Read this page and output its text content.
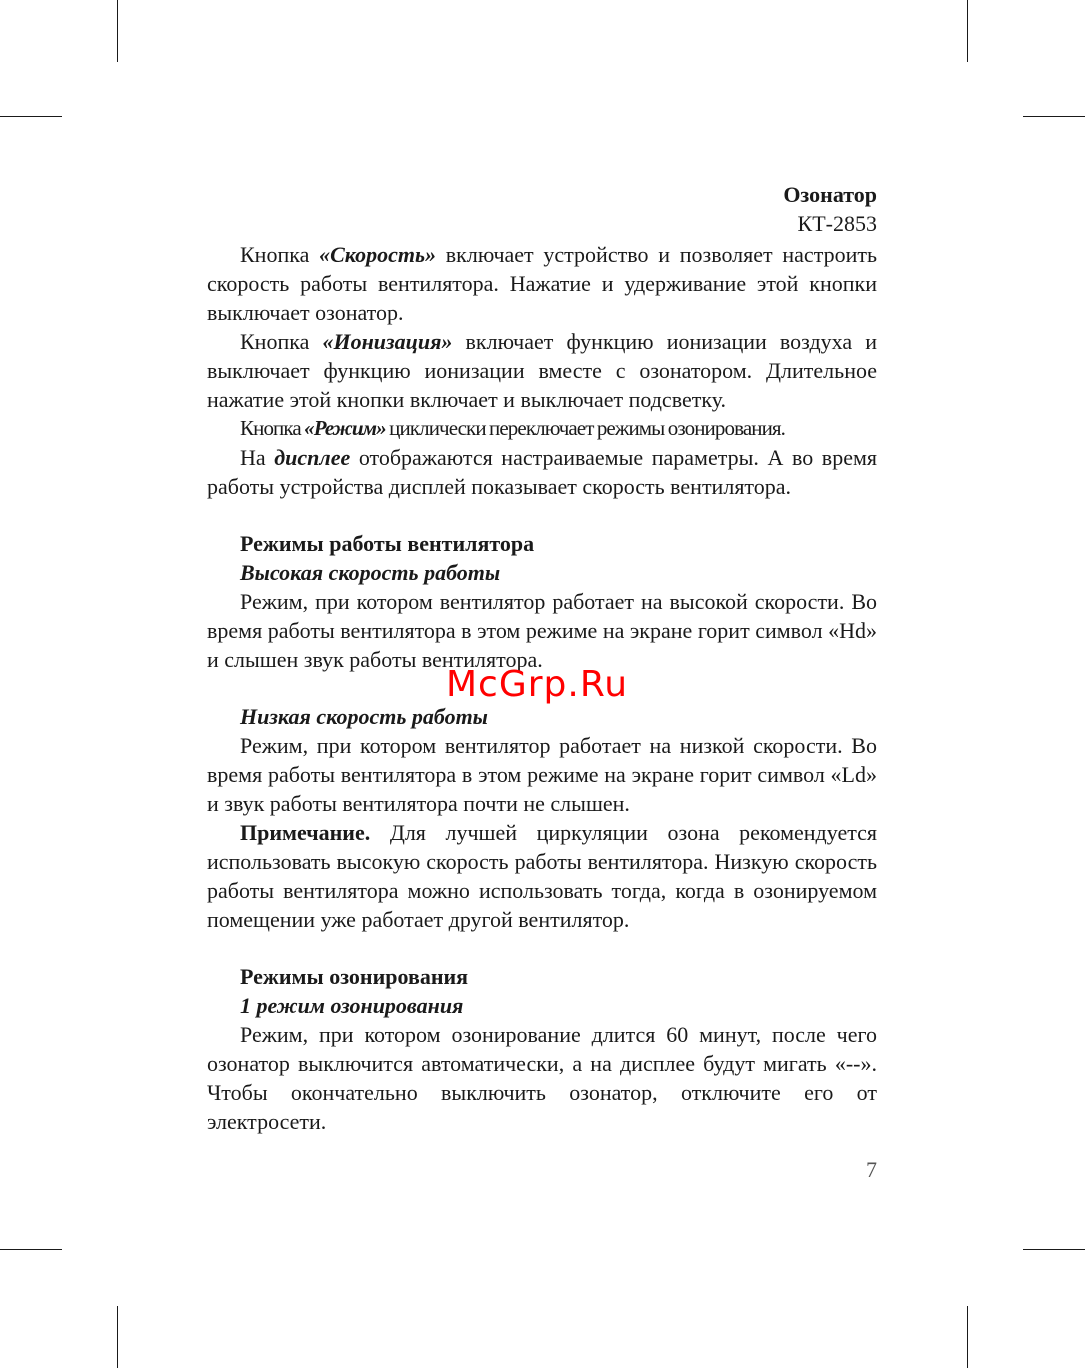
Озонатор
КТ-2853

Кнопка «Скорость» включает устройство и позволяет настроить скорость работы вентилятора. Нажатие и удерживание этой кнопки выключает озонатор.

Кнопка «Ионизация» включает функцию ионизации воздуха и выключает функцию ионизации вместе с озонатором. Длительное нажатие этой кнопки включает и выключает подсветку.

Кнопка «Режим» циклически переключает режимы озонирования.

На дисплее отображаются настраиваемые параметры. А во время работы устройства дисплей показывает скорость вентилятора.

Режимы работы вентилятора
Высокая скорость работы

Режим, при котором вентилятор работает на высокой скорости. Во время работы вентилятора в этом режиме на экране горит символ «Hd» и слышен звук работы вентилятора.

Низкая скорость работы

Режим, при котором вентилятор работает на низкой скорости. Во время работы вентилятора в этом режиме на экране горит символ «Ld» и звук работы вентилятора почти не слышен.

Примечание. Для лучшей циркуляции озона рекомендуется использовать высокую скорость работы вентилятора. Низкую скорость работы вентилятора можно использовать тогда, когда в озонируемом помещении уже работает другой вентилятор.

Режимы озонирования
1 режим озонирования

Режим, при котором озонирование длится 60 минут, после чего озонатор выключится автоматически, а на дисплее будут мигать «--». Чтобы окончательно выключить озонатор, отключите его от электросети.

McGrp.Ru
7
